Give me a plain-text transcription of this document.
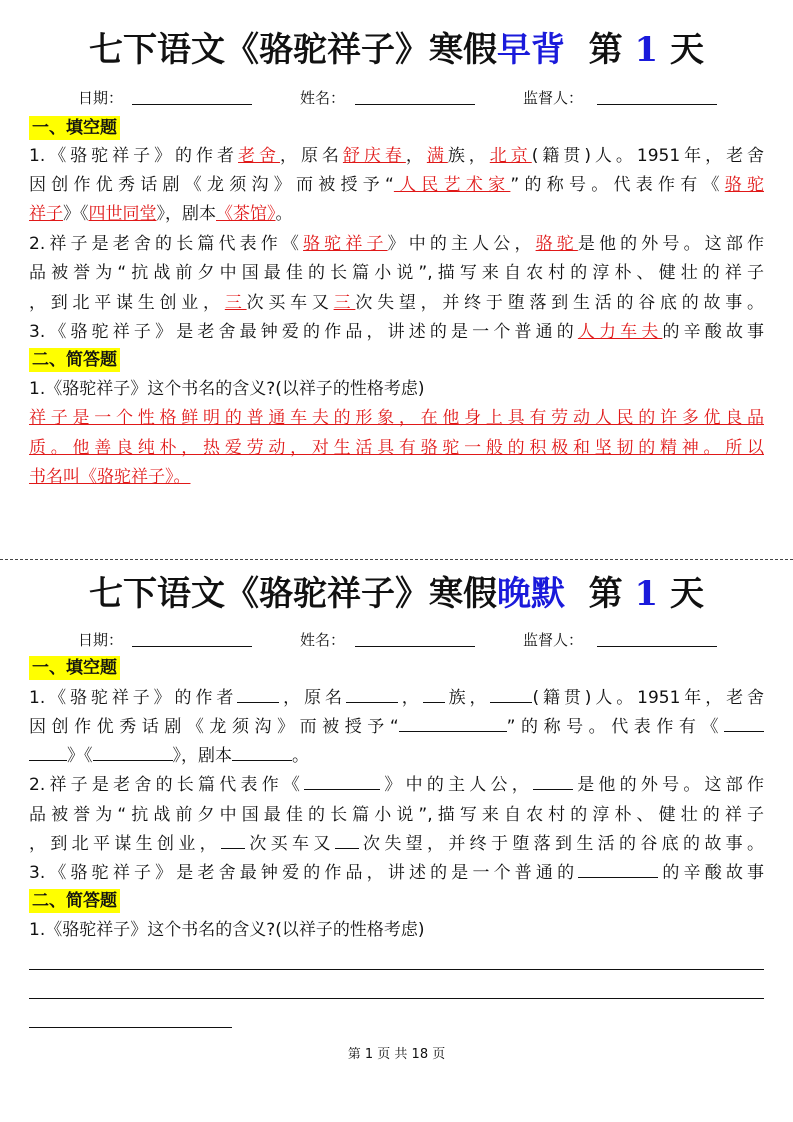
七下语文《骆驼祥子》寒假早背 第 1 天
日期：	姓名：	监督人：
一、填空题
1.《骆驼祥子》的作者老舍，原名舒庆春，满族，北京(籍贯)人。1951年，老舍
因创作优秀话剧《龙须沟》而被授予“人民艺术家”的称号。代表作有《骆驼
祥子》《四世同堂》，剧本《茶馆》。
2.祥子是老舍的长篇代表作《骆驼祥子》中的主人公，骆驼是他的外号。这部作
品被誉为“抗战前夕中国最佳的长篇小说”,描写来自农村的淳朴、健壮的祥子
，到北平谋生创业，三次买车又三次失望，并终于堕落到生活的谷底的故事。
3.《骆驼祥子》是老舍最钟爱的作品，讲述的是一个普通的人力车夫的辛酸故事
二、简答题
1.《骆驼祥子》这个书名的含义?(以祥子的性格考虑)
祥子是一个性格鲜明的普通车夫的形象，在他身上具有劳动人民的许多优良品
质。他善良纯朴，热爱劳动，对生活具有骆驼一般的积极和坚韧的精神。所以
书名叫《骆驼祥子》。
七下语文《骆驼祥子》寒假晚默 第 1 天
日期：	姓名：	监督人：
一、填空题
1.《骆驼祥子》的作者 ，原名	， 族， (籍贯)人。1951年，老舍
因创作优秀话剧《龙须沟》而被授予“	”的称号。代表作有《
》《	》，剧本	。
2.祥子是老舍的长篇代表作《	》中的主人公， 是他的外号。这部作
品被誉为“抗战前夕中国最佳的长篇小说”,描写来自农村的淳朴、健壮的祥子
，到北平谋生创业， 次买车又 次失望，并终于堕落到生活的谷底的故事。
3.《骆驼祥子》是老舍最钟爱的作品，讲述的是一个普通的	的辛酸故事
二、简答题
1.《骆驼祥子》这个书名的含义?(以祥子的性格考虑)
第 1 页 共 18 页
